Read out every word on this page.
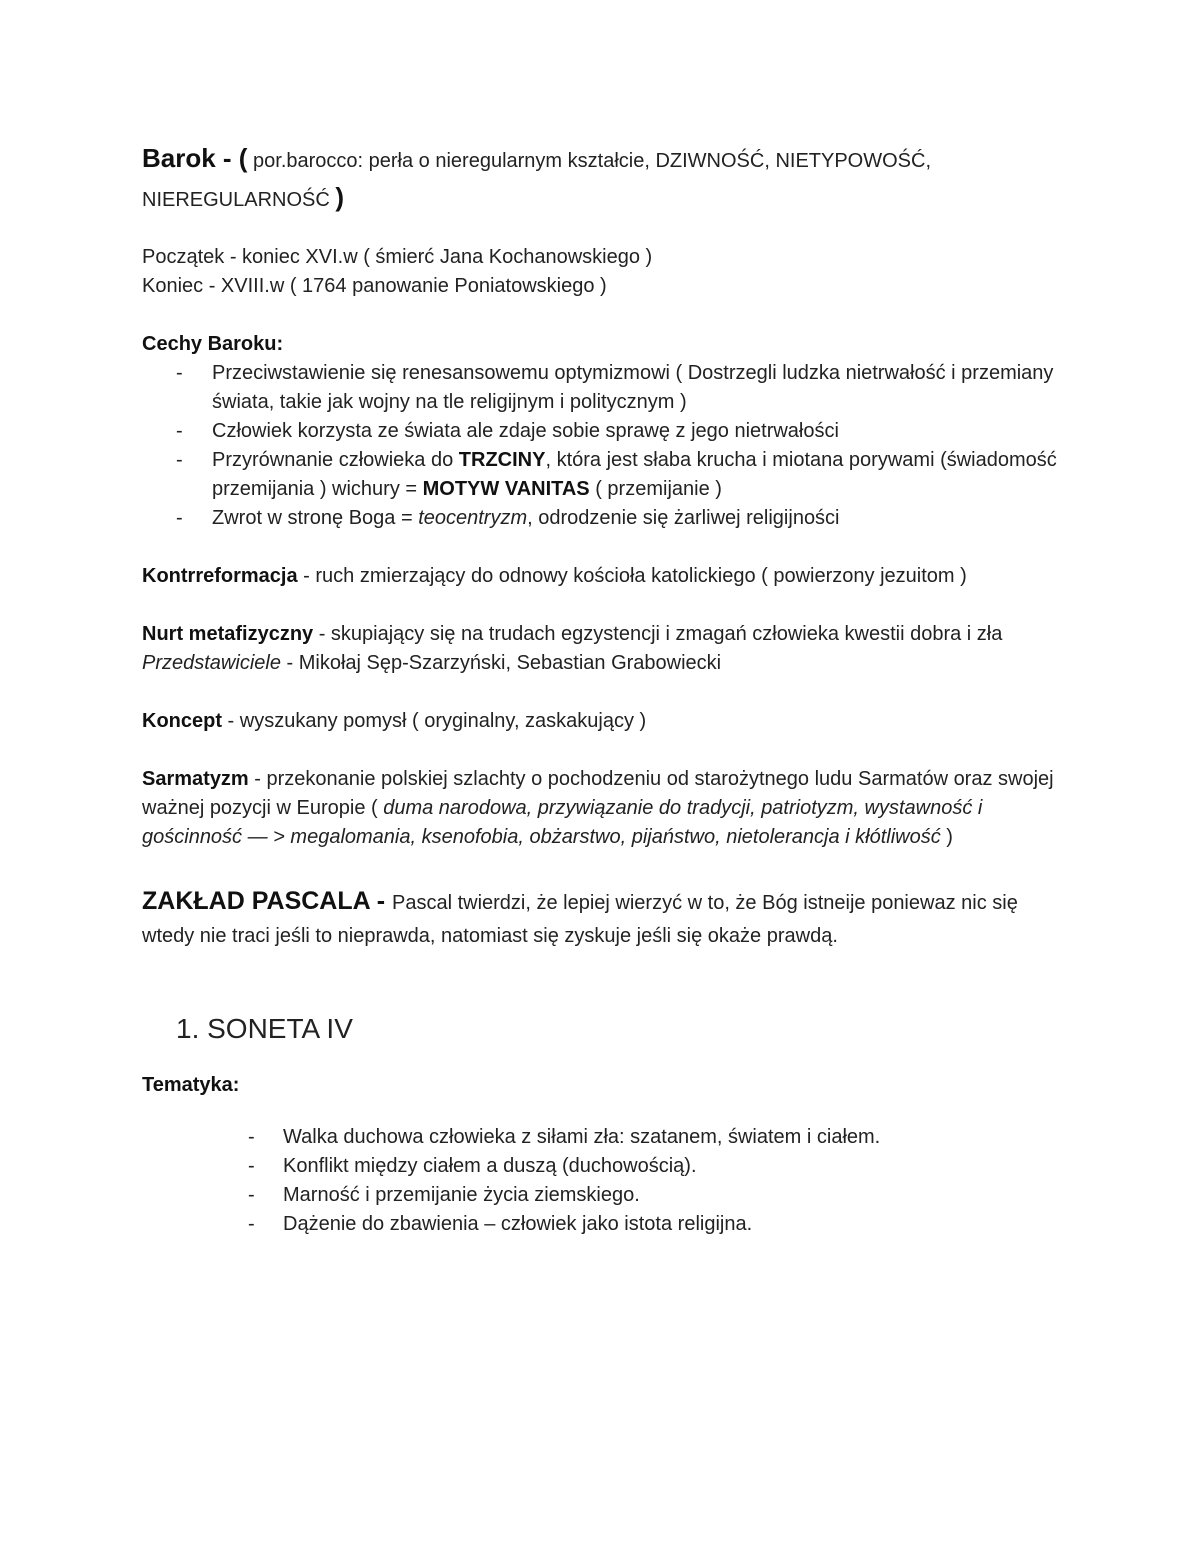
Barok - ( por.barocco: perła o nieregularnym kształcie, DZIWNOŚĆ, NIETYPOWOŚĆ,
NIEREGULARNOŚĆ )

Początek - koniec XVI.w ( śmierć Jana Kochanowskiego )

Koniec - XVIII.w ( 1764 panowanie Poniatowskiego )

Cechy Baroku:

- Przeciwstawienie się renesansowemu optymizmowi ( Dostrzegli ludzka nietrwałość i przemiany świata, takie jak wojny na tle religijnym i politycznym )
- Człowiek korzysta ze świata ale zdaje sobie sprawę z jego nietrwałości
- Przyrównanie człowieka do TRZCINY, która jest słaba krucha i miotana porywami (świadomość przemijania ) wichury = MOTYW VANITAS ( przemijanie )
- Zwrot w stronę Boga = teocentryzm, odrodzenie się żarliwej religijności

Kontrreformacja - ruch zmierzający do odnowy kościoła katolickiego ( powierzony jezuitom )

Nurt metafizyczny - skupiający się na trudach egzystencji i zmagań człowieka kwestii dobra i zła

Przedstawiciele - Mikołaj Sęp-Szarzyński, Sebastian Grabowiecki

Koncept - wyszukany pomysł ( oryginalny, zaskakujący )

Sarmatyzm - przekonanie polskiej szlachty o pochodzeniu od starożytnego ludu Sarmatów oraz swojej ważnej pozycji w Europie ( duma narodowa, przywiązanie do tradycji, patriotyzm, wystawność i gościnność — > megalomania, ksenofobia, obżarstwo, pijaństwo, nietolerancja i kłótliwość )

ZAKŁAD PASCALA - Pascal twierdzi, że lepiej wierzyć w to, że Bóg istneije poniewaz nic się wtedy nie traci jeśli to nieprawda, natomiast się zyskuje jeśli się okaże prawdą.

1. SONETA IV

Tematyka:

- Walka duchowa człowieka z siłami zła: szatanem, światem i ciałem.
- Konflikt między ciałem a duszą (duchowością).
- Marność i przemijanie życia ziemskiego.
- Dążenie do zbawienia – człowiek jako istota religijna.
